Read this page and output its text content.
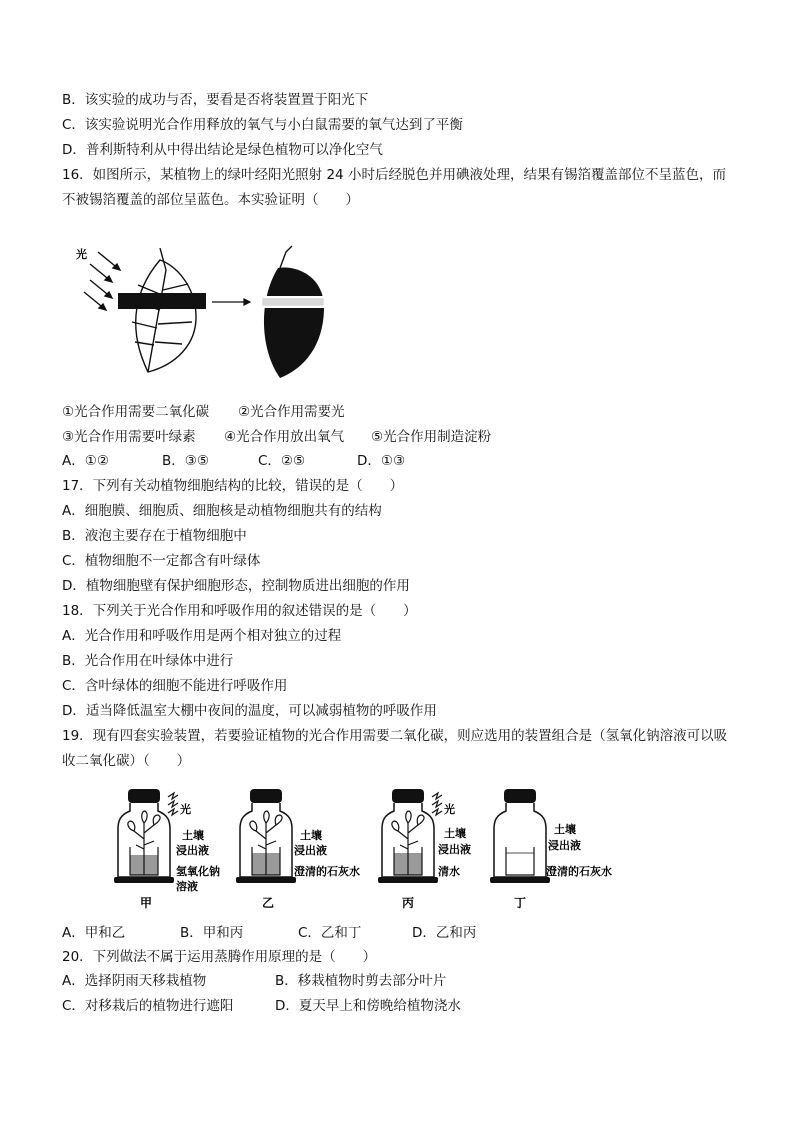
B．该实验的成功与否，要看是否将装置置于阳光下
C．该实验说明光合作用释放的氧气与小白鼠需要的氧气达到了平衡
D．普利斯特利从中得出结论是绿色植物可以净化空气
16．如图所示，某植物上的绿叶经阳光照射 24 小时后经脱色并用碘液处理，结果有锡箔覆盖部位不呈蓝色，而不被锡箔覆盖的部位呈蓝色。本实验证明（　　）
光
①光合作用需要二氧化碳 ②光合作用需要光
③光合作用需要叶绿素 ④光合作用放出氧气 ⑤光合作用制造淀粉
A．①②	B．③⑤	C．②⑤	D．①③
17．下列有关动植物细胞结构的比较，错误的是（　　）
A．细胞膜、细胞质、细胞核是动植物细胞共有的结构
B．液泡主要存在于植物细胞中
C．植物细胞不一定都含有叶绿体
D．植物细胞壁有保护细胞形态，控制物质进出细胞的作用
18．下列关于光合作用和呼吸作用的叙述错误的是（　　）
A．光合作用和呼吸作用是两个相对独立的过程
B．光合作用在叶绿体中进行
C．含叶绿体的细胞不能进行呼吸作用
D．适当降低温室大棚中夜间的温度，可以减弱植物的呼吸作用
19．现有四套实验装置，若要验证植物的光合作用需要二氧化碳，则应选用的装置组合是（氢氧化钠溶液可以吸收二氧化碳）（　　）
光
土壤
浸出液
氢氧化钠
溶液
甲
土壤
浸出液
澄清的石灰水
乙
光
土壤
浸出液
清水
丙
土壤
浸出液
澄清的石灰水
丁
A．甲和乙	B．甲和丙	C．乙和丁	D．乙和丙
20．下列做法不属于运用蒸腾作用原理的是（　　）
A．选择阴雨天移栽植物	B．移栽植物时剪去部分叶片
C．对移栽后的植物进行遮阳	D．夏天早上和傍晚给植物浇水
